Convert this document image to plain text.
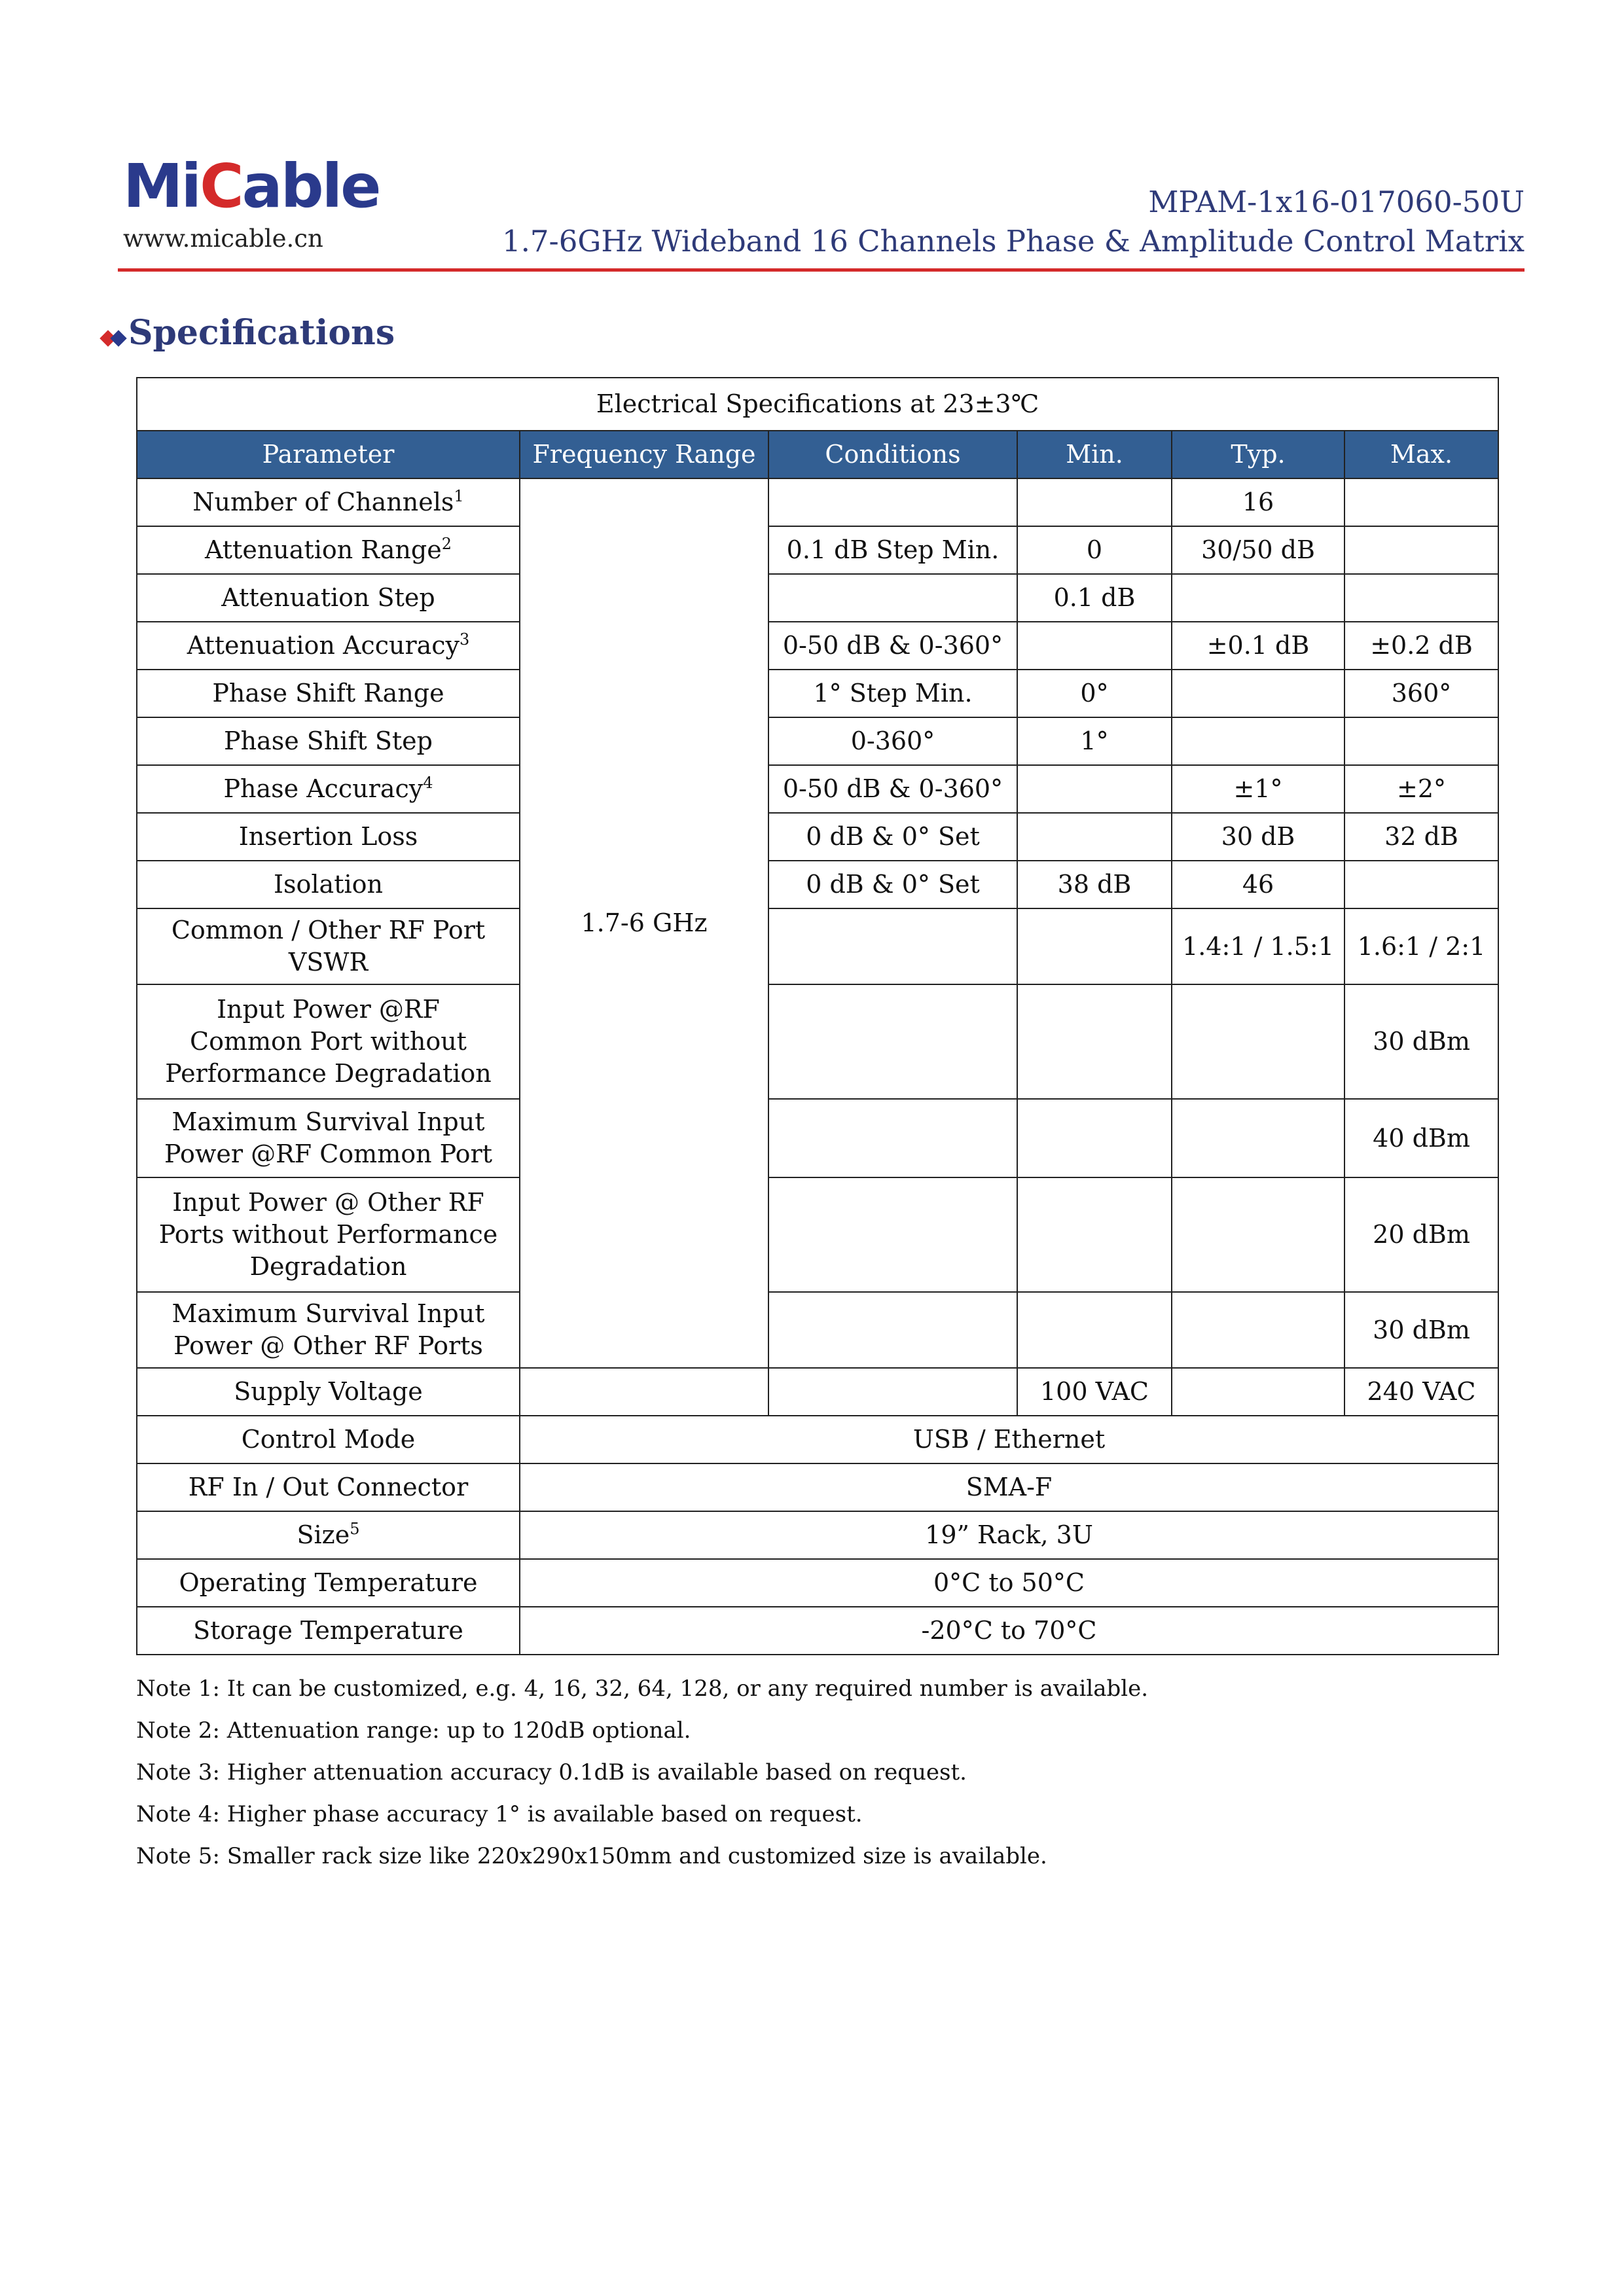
MiCable
www.micable.cn
MPAM-1x16-017060-50U
1.7-6GHz Wideband 16 Channels Phase & Amplitude Control Matrix
Specifications
Electrical Specifications at 23±3℃					
Parameter	Frequency Range	Conditions	Min.	Typ.	Max.
Number of Channels$^1$	1.7-6 GHz			16	
Attenuation Range$^2$		0.1 dB Step Min.	0	30/50 dB	
Attenuation Step			0.1 dB		
Attenuation Accuracy$^3$		0-50 dB & 0-360°		±0.1 dB	±0.2 dB
Phase Shift Range		1° Step Min.	0°		360°
Phase Shift Step		0-360°	1°		
Phase Accuracy$^4$		0-50 dB & 0-360°		±1°	±2°
Insertion Loss		0 dB & 0° Set		30 dB	32 dB
Isolation		0 dB & 0° Set	38 dB	46	
Common / Other RF Port
VSWR				1.4:1 / 1.5:1	1.6:1 / 2:1
Input Power @RF
Common Port without
Performance Degradation					30 dBm
Maximum Survival Input
Power @RF Common Port					40 dBm
Input Power @ Other RF
Ports without Performance
Degradation					20 dBm
Maximum Survival Input
Power @ Other RF Ports					30 dBm
Supply Voltage			100 VAC		240 VAC
Control Mode	USB / Ethernet				
RF In / Out Connector	SMA-F				
Size$^5$	19” Rack, 3U				
Operating Temperature	0°C to 50°C				
Storage Temperature	-20°C to 70°C				
Note 1: It can be customized, e.g. 4, 16, 32, 64, 128, or any required number is available.
Note 2: Attenuation range: up to 120dB optional.
Note 3: Higher attenuation accuracy 0.1dB is available based on request.
Note 4: Higher phase accuracy 1° is available based on request.
Note 5: Smaller rack size like 220x290x150mm and customized size is available.
